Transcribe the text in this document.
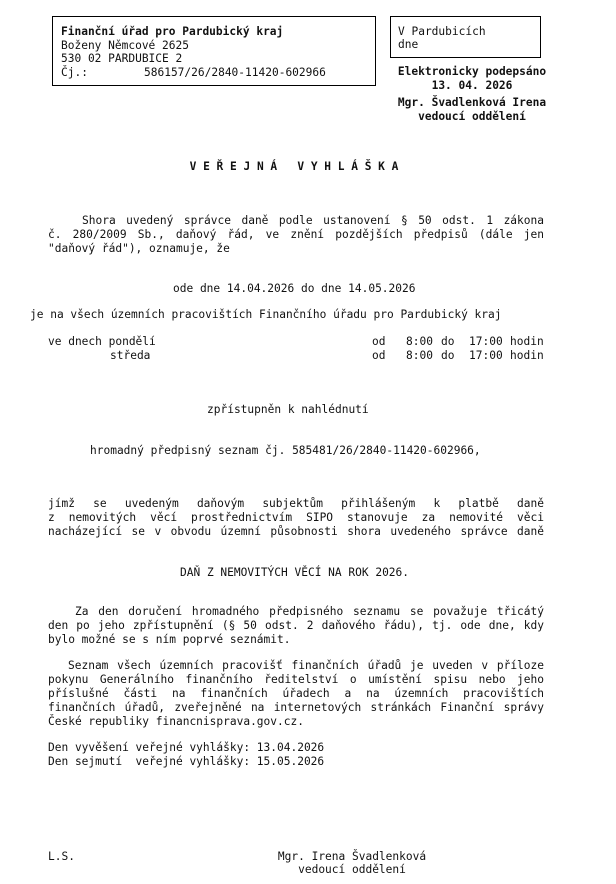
Finanční úřad pro Pardubický kraj
Boženy Němcové 2625
530 02 PARDUBICE 2
Čj.:	586157/26/2840-11420-602966
V Pardubicích
dne
Elektronicky podepsáno
13. 04. 2026
Mgr. Švadlenková Irena
vedoucí oddělení
V E Ř E J N Á   V Y H L Á Š K A
Shora uvedený správce daně podle ustanovení § 50 odst. 1 zákona
č. 280/2009 Sb., daňový řád, ve znění pozdějších předpisů (dále jen
"daňový řád"), oznamuje, že
ode dne 14.04.2026 do dne 14.05.2026
je na všech územních pracovištích Finančního úřadu pro Pardubický kraj
ve dnech pondělí	od 8:00 do 17:00 hodin
středa	od 8:00 do 17:00 hodin
zpřístupněn k nahlédnutí
hromadný předpisný seznam čj. 585481/26/2840-11420-602966,
jímž se uvedeným daňovým subjektům přihlášeným k platbě daně
z nemovitých věcí prostřednictvím SIPO stanovuje za nemovité věci
nacházející se v obvodu územní působnosti shora uvedeného správce daně
DAŇ Z NEMOVITÝCH VĚCÍ NA ROK 2026.
Za den doručení hromadného předpisného seznamu se považuje třicátý
den po jeho zpřístupnění (§ 50 odst. 2 daňového řádu), tj. ode dne, kdy
bylo možné se s ním poprvé seznámit.
Seznam všech územních pracovišť finančních úřadů je uveden v příloze
pokynu Generálního finančního ředitelství o umístění spisu nebo jeho
příslušné části na finančních úřadech a na územních pracovištích
finančních úřadů, zveřejněné na internetových stránkách Finanční správy
České republiky financnisprava.gov.cz.
Den vyvěšení veřejné vyhlášky: 13.04.2026
Den sejmutí  veřejné vyhlášky: 15.05.2026
L.S.	Mgr. Irena Švadlenková
vedoucí oddělení
